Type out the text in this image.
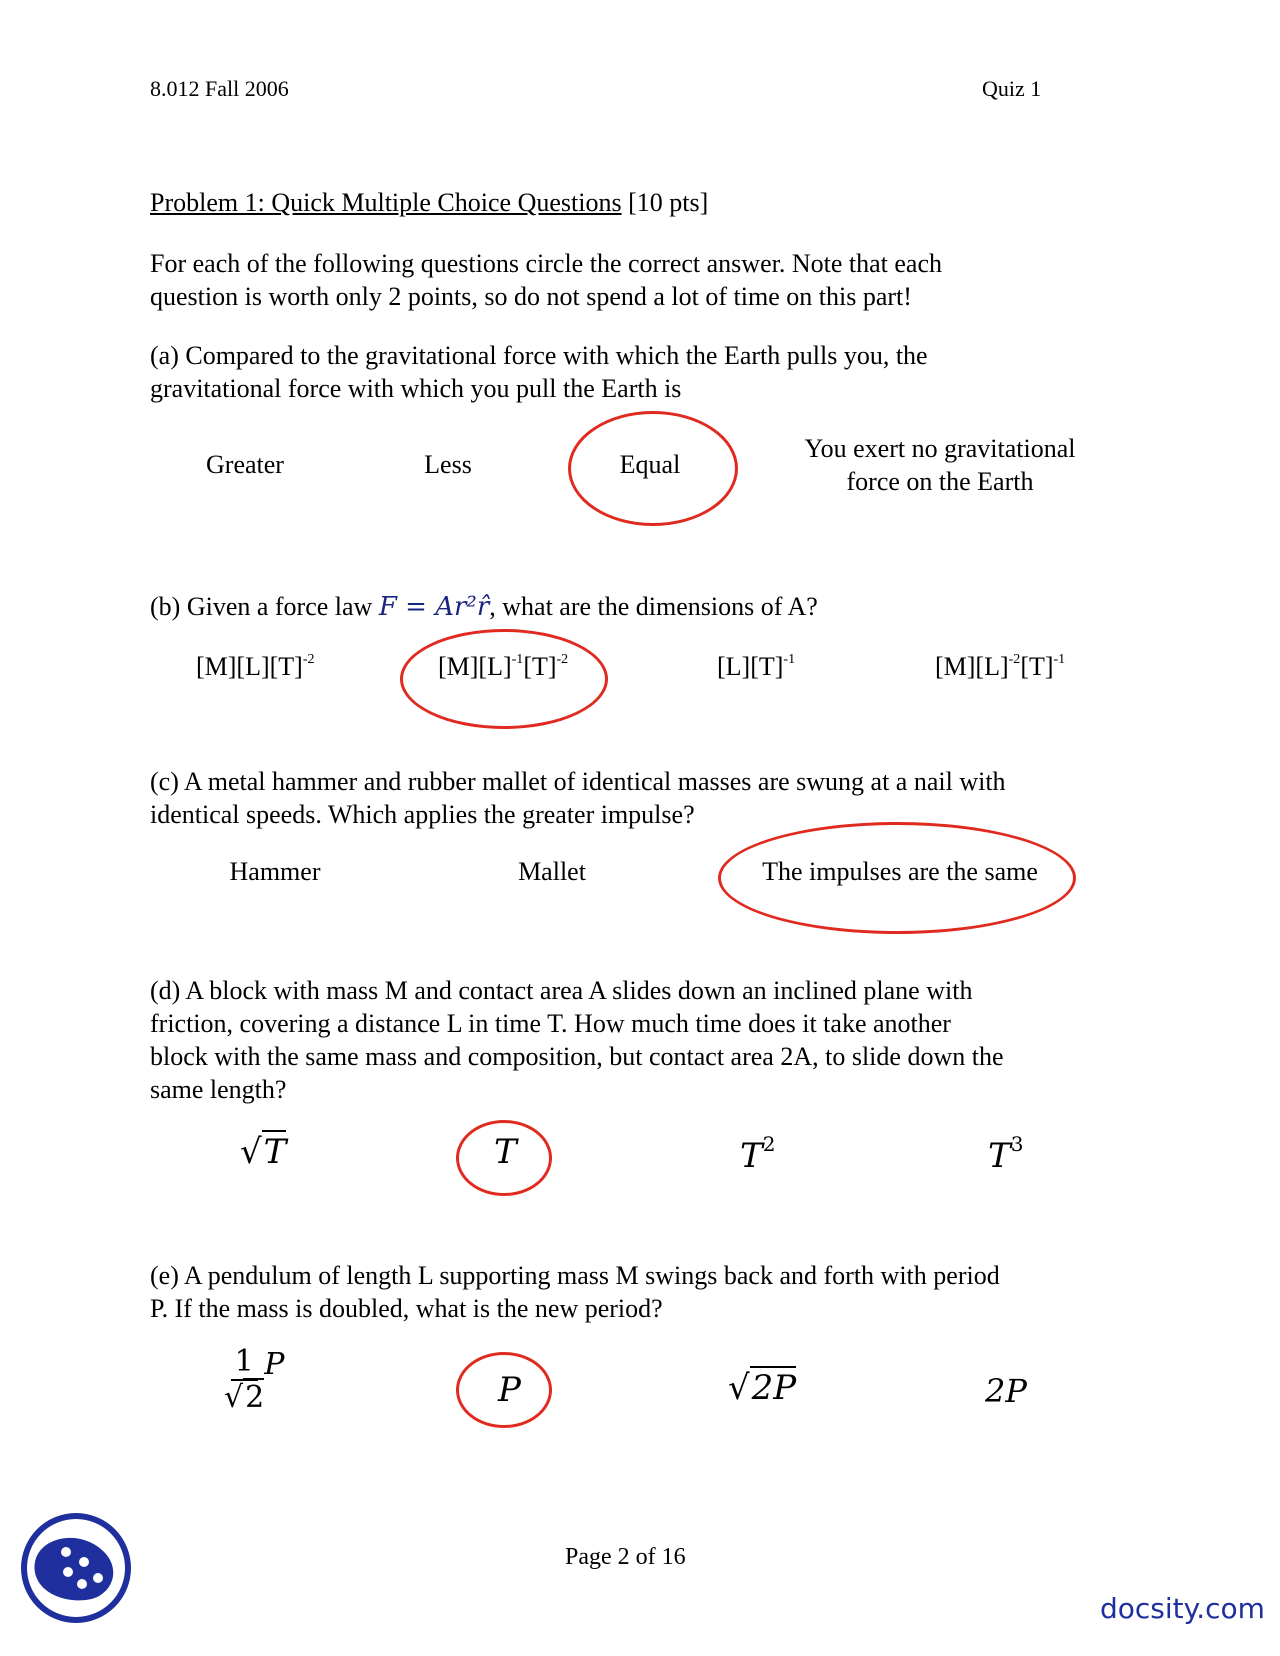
8.012 Fall 2006	Quiz 1
Problem 1: Quick Multiple Choice Questions [10 pts]
For each of the following questions circle the correct answer. Note that each
question is worth only 2 points, so do not spend a lot of time on this part!
(a) Compared to the gravitational force with which the Earth pulls you, the
gravitational force with which you pull the Earth is
Greater	Less	Equal
You exert no gravitational
force on the Earth
(b) Given a force law F = Ar²r̂, what are the dimensions of A?
$[M][L][T]^{-2}$	$[M][L]^{-1}[T]^{-2}$	$[L][T]^{-1}$	$[M][L]^{-2}[T]^{-1}$
(c) A metal hammer and rubber mallet of identical masses are swung at a nail with
identical speeds. Which applies the greater impulse?
Hammer	Mallet	The impulses are the same
(d) A block with mass M and contact area A slides down an inclined plane with
friction, covering a distance L in time T. How much time does it take another
block with the same mass and composition, but contact area 2A, to slide down the
same length?
√T	T	$T^2$	$T^3$
(e) A pendulum of length L supporting mass M swings back and forth with period
P. If the mass is doubled, what is the new period?
$\frac{1}{√2}$ P
P	√2P	2P
Page 2 of 16
docsity.com
